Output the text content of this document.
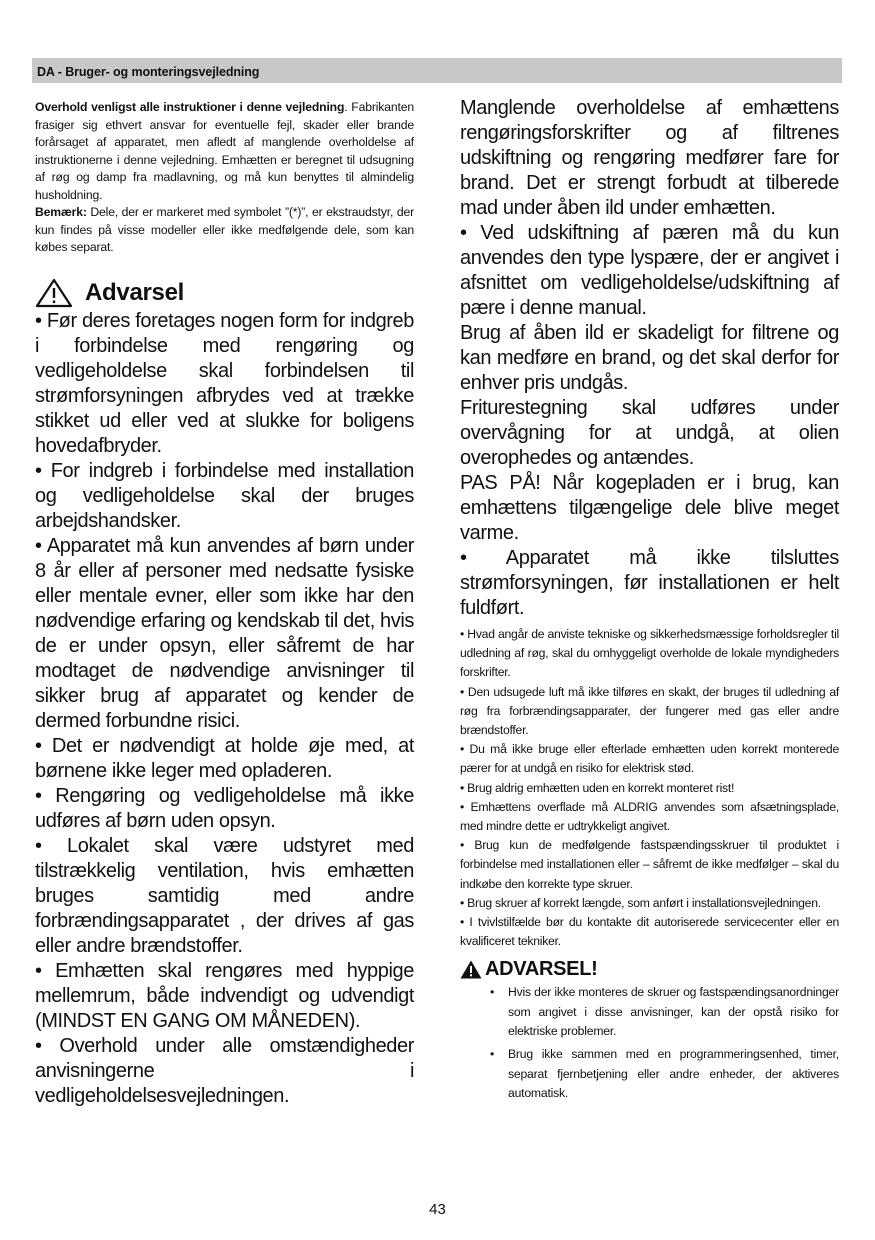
DA - Bruger- og monteringsvejledning

Overhold venligst alle instruktioner i denne vejledning. Fabrikanten frasiger sig ethvert ansvar for eventuelle fejl, skader eller brande forårsaget af apparatet, men afledt af manglende overholdelse af instruktionerne i denne vejledning. Emhætten er beregnet til udsugning af røg og damp fra madlavning, og må kun benyttes til almindelig husholdning.

Bemærk: Dele, der er markeret med symbolet ”(*)”, er ekstraudstyr, der kun findes på visse modeller eller ikke medfølgende dele, som kan købes separat.

Advarsel

• Før deres foretages nogen form for indgreb i forbindelse med rengøring og vedligeholdelse skal forbindelsen til strømforsyningen afbrydes ved at trække stikket ud eller ved at slukke for boligens hovedafbryder.

• For indgreb i forbindelse med installation og vedligeholdelse skal der bruges arbejdshandsker.

• Apparatet må kun anvendes af børn under 8 år eller af personer med nedsatte fysiske eller mentale evner, eller som ikke har den nødvendige erfaring og kendskab til det, hvis de er under opsyn, eller såfremt de har modtaget de nødvendige anvisninger til sikker brug af apparatet og kender de dermed forbundne risici.

• Det er nødvendigt at holde øje med, at børnene ikke leger med opladeren.

• Rengøring og vedligeholdelse må ikke udføres af børn uden opsyn.

• Lokalet skal være udstyret med tilstrækkelig ventilation, hvis emhætten bruges samtidig med andre forbrændingsapparatet , der drives af gas eller andre brændstoffer.

• Emhætten skal rengøres med hyppige mellemrum, både indvendigt og udvendigt (MINDST EN GANG OM MÅNEDEN).

• Overhold under alle omstændigheder anvisningerne i vedligeholdelsesvejledningen.

Manglende overholdelse af emhættens rengøringsforskrifter og af filtrenes udskiftning og rengøring medfører fare for brand. Det er strengt forbudt at tilberede mad under åben ild under emhætten.

• Ved udskiftning af pæren må du kun anvendes den type lyspære, der er angivet i afsnittet om vedligeholdelse/udskiftning af pære i denne manual.

Brug af åben ild er skadeligt for filtrene og kan medføre en brand, og det skal derfor for enhver pris undgås.

Friturestegning skal udføres under overvågning for at undgå, at olien overophedes og antændes.

PAS PÅ! Når kogepladen er i brug, kan emhættens tilgængelige dele blive meget varme.

• Apparatet må ikke tilsluttes strømforsyningen, før installationen er helt fuldført.

• Hvad angår de anviste tekniske og sikkerhedsmæssige forholdsregler til udledning af røg, skal du omhyggeligt overholde de lokale myndigheders forskrifter.

• Den udsugede luft må ikke tilføres en skakt, der bruges til udledning af røg fra forbrændingsapparater, der fungerer med gas eller andre brændstoffer.

• Du må ikke bruge eller efterlade emhætten uden korrekt monterede pærer for at undgå en risiko for elektrisk stød.

• Brug aldrig emhætten uden en korrekt monteret rist!

• Emhættens overflade må ALDRIG anvendes som afsætningsplade, med mindre dette er udtrykkeligt angivet.

• Brug kun de medfølgende fastspændingsskruer til produktet i forbindelse med installationen eller – såfremt de ikke medfølger – skal du indkøbe den korrekte type skruer.

• Brug skruer af korrekt længde, som anført i installationsvejledningen.

• I tvivlstilfælde bør du kontakte dit autoriserede servicecenter eller en kvalificeret tekniker.

ADVARSEL!
• Hvis der ikke monteres de skruer og fastspændingsanordninger som angivet i disse anvisninger, kan der opstå risiko for elektriske problemer.
• Brug ikke sammen med en programmeringsenhed, timer, separat fjernbetjening eller andre enheder, der aktiveres automatisk.
43
